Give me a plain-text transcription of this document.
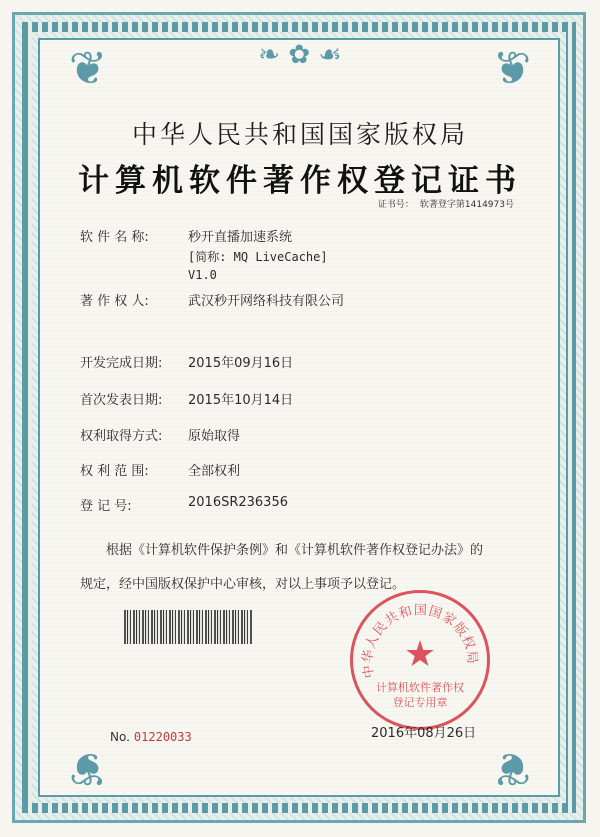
❦	❦
❦	❦
❧ ✿ ☙
中华人民共和国国家版权局
计算机软件著作权登记证书
证书号： 软著登字第1414973号
软 件 名 称:	秒开直播加速系统
[简称: MQ LiveCache]
V1.0
著 作 权 人:	武汉秒开网络科技有限公司
开发完成日期: 2015年09月16日
首次发表日期: 2015年10月14日
权利取得方式: 原始取得
权 利 范 围:	全部权利
登 记 号:	2016SR236356
根据《计算机软件保护条例》和《计算机软件著作权登记办法》的
规定，经中国版权保护中心审核，对以上事项予以登记。
中华人民共和国国家版权局
★
计算机软件著作权
登记专用章
No. 01220033	2016年08月26日
